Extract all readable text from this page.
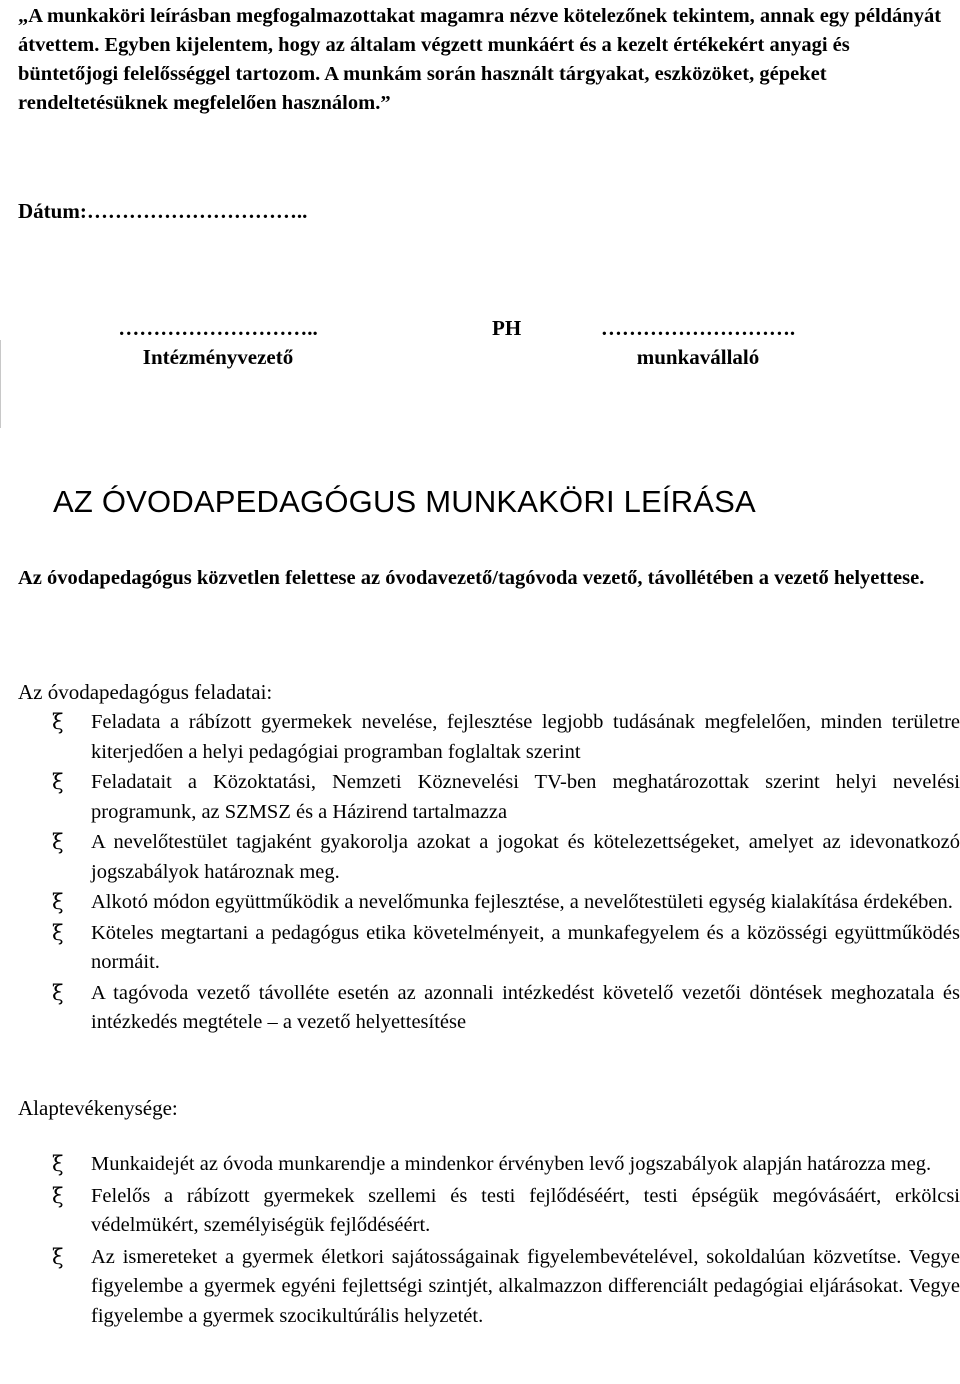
„A munkaköri leírásban megfogalmazottakat magamra nézve kötelezőnek tekintem, annak egy példányát átvettem. Egyben kijelentem, hogy az általam végzett munkáért és a kezelt értékekért anyagi és büntetőjogi felelősséggel tartozom. A munkám során használt tárgyakat, eszközöket, gépeket rendeltetésüknek megfelelően használom.”

Dátum:…………………………..

………………………..
Intézményvezető
PH	……………………….
munkavállaló
AZ ÓVODAPEDAGÓGUS MUNKAKÖRI LEÍRÁSA

Az óvodapedagógus közvetlen felettese az óvodavezető/tagóvoda vezető, távollétében a vezető helyettese.

Az óvodapedagógus feladatai:
ξ Feladata a rábízott gyermekek nevelése, fejlesztése legjobb tudásának megfelelően, minden területre kiterjedően a helyi pedagógiai programban foglaltak szerint
ξ Feladatait a Közoktatási, Nemzeti Köznevelési TV-ben meghatározottak szerint helyi nevelési programunk, az SZMSZ és a Házirend tartalmazza
ξ A nevelőtestület tagjaként gyakorolja azokat a jogokat és kötelezettségeket, amelyet az idevonatkozó jogszabályok határoznak meg.
ξ Alkotó módon együttműködik a nevelőmunka fejlesztése, a nevelőtestületi egység kialakítása érdekében.
ξ Köteles megtartani a pedagógus etika követelményeit, a munkafegyelem és a közösségi együttműködés normáit.
ξ A tagóvoda vezető távolléte esetén az azonnali intézkedést követelő vezetői döntések meghozatala és intézkedés megtétele – a vezető helyettesítése
Alaptevékenysége:
ξ Munkaidejét az óvoda munkarendje a mindenkor érvényben levő jogszabályok alapján határozza meg.
ξ Felelős a rábízott gyermekek szellemi és testi fejlődéséért, testi épségük megóvásáért, erkölcsi védelmükért, személyiségük fejlődéséért.
ξ Az ismereteket a gyermek életkori sajátosságainak figyelembevételével, sokoldalúan közvetítse. Vegye figyelembe a gyermek egyéni fejlettségi szintjét, alkalmazzon differenciált pedagógiai eljárásokat. Vegye figyelembe a gyermek szocikultúrális helyzetét.
